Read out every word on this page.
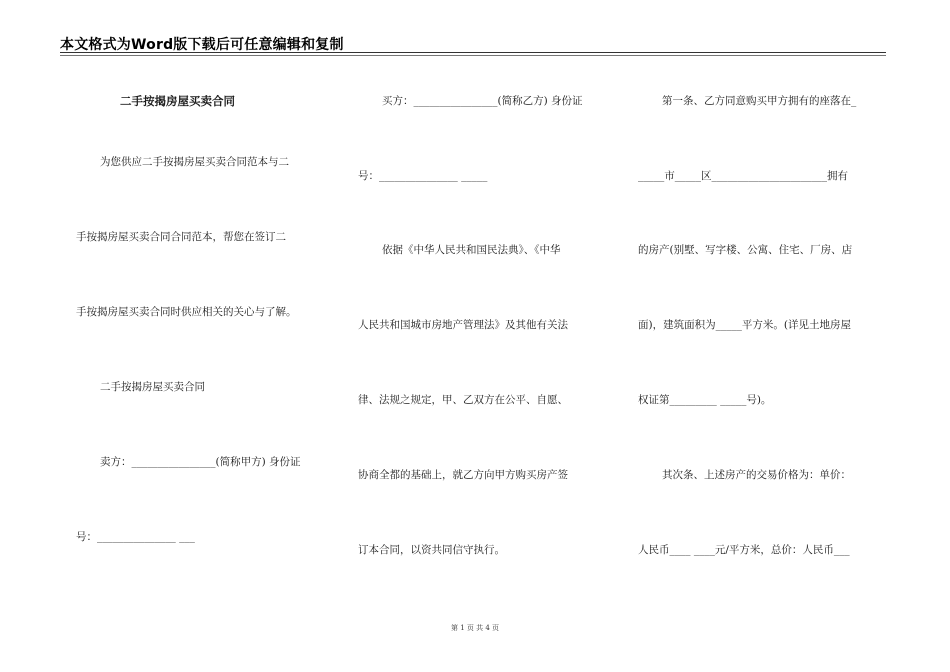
本文格式为Word版下载后可任意编辑和复制
二手按揭房屋买卖合同
为您供应二手按揭房屋买卖合同范本与二
手按揭房屋买卖合同合同范本，帮您在签订二
手按揭房屋买卖合同时供应相关的关心与了解。
二手按揭房屋买卖合同
卖方：________________(简称甲方) 身份证
号：_______________ ___
买方：________________(简称乙方) 身份证
号：_______________ _____
依据《中华人民共和国民法典》、《中华
人民共和国城市房地产管理法》及其他有关法
律、法规之规定，甲、乙双方在公平、自愿、
协商全都的基础上，就乙方向甲方购买房产签
订本合同，以资共同信守执行。
第一条、乙方同意购买甲方拥有的座落在_
_____市_____区______________________拥有
的房产(别墅、写字楼、公寓、住宅、厂房、店
面)，建筑面积为_____平方米。(详见土地房屋
权证第_________ _____号)。
其次条、上述房产的交易价格为：单价：
人民币____ ____元/平方米，总价：人民币___
第 1 页 共 4 页
